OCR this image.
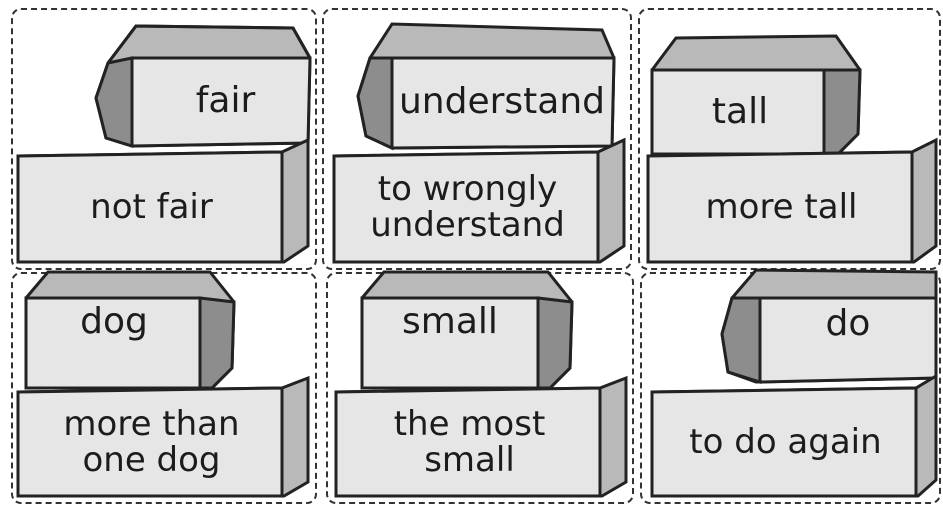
fair
not fair
understand
to wrongly
understand
tall
more tall
dog
more than
one dog
small
the most
small
do
to do again
